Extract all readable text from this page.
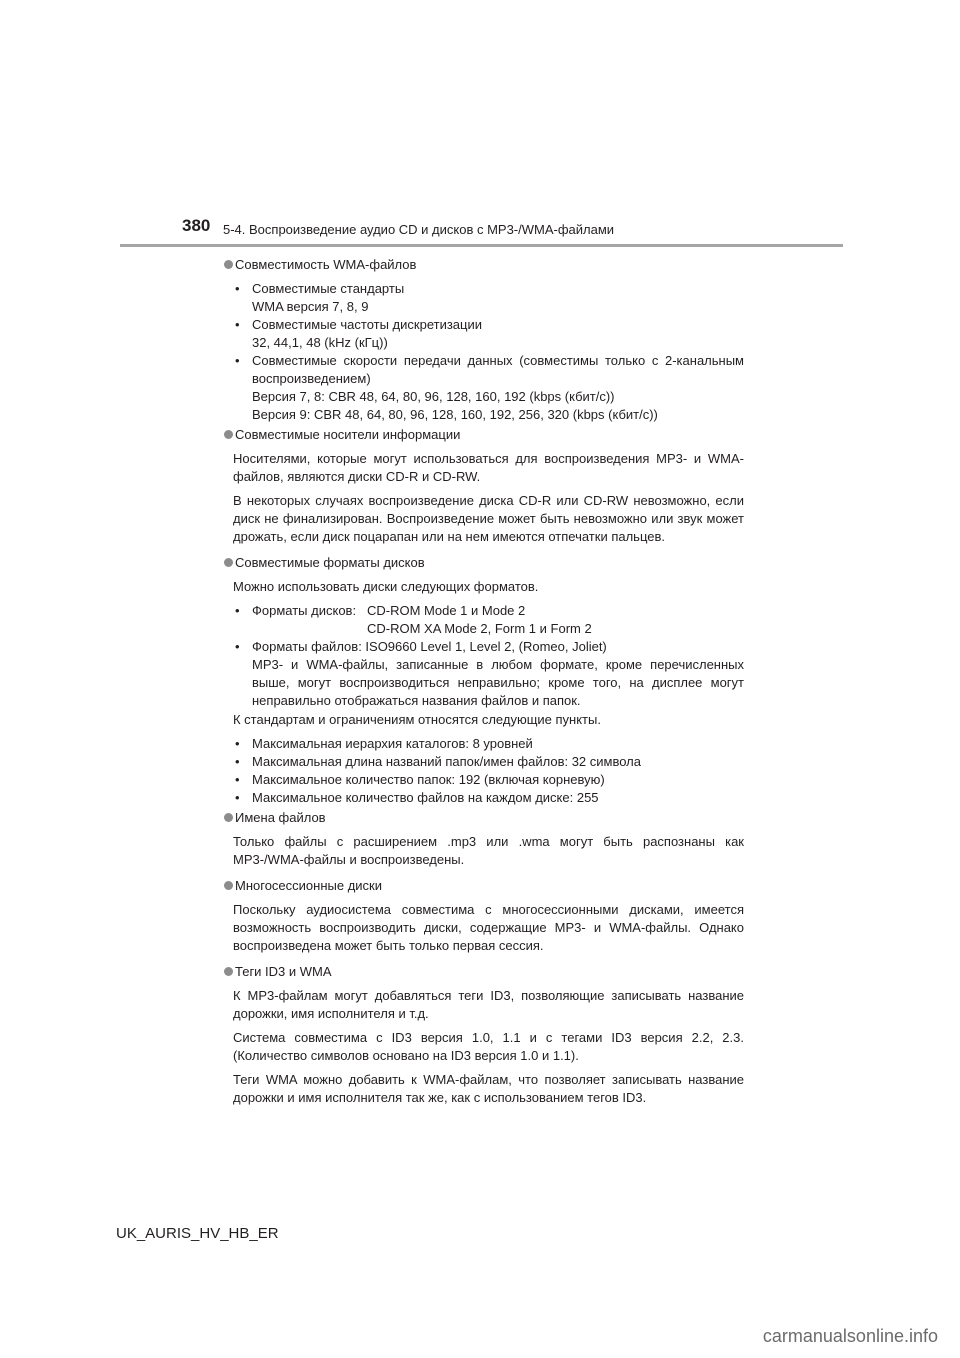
380 5-4. Воспроизведение аудио CD и дисков с MP3-/WMA-файлами
Совместимость WMA-файлов
• Совместимые стандарты
WMA версия 7, 8, 9
• Совместимые частоты дискретизации
32, 44,1, 48 (kHz (кГц))
• Совместимые скорости передачи данных (совместимы только с 2-канальным воспроизведением)
Версия 7, 8: CBR 48, 64, 80, 96, 128, 160, 192 (kbps (кбит/с))
Версия 9: CBR 48, 64, 80, 96, 128, 160, 192, 256, 320 (kbps (кбит/с))
Совместимые носители информации
Носителями, которые могут использоваться для воспроизведения MP3- и WMA-файлов, являются диски CD-R и CD-RW.
В некоторых случаях воспроизведение диска CD-R или CD-RW невозможно, если диск не финализирован. Воспроизведение может быть невозможно или звук может дрожать, если диск поцарапан или на нем имеются отпечатки пальцев.
Совместимые форматы дисков
Можно использовать диски следующих форматов.
• Форматы дисков: CD-ROM Mode 1 и Mode 2
CD-ROM XA Mode 2, Form 1 и Form 2
• Форматы файлов: ISO9660 Level 1, Level 2, (Romeo, Joliet)
MP3- и WMA-файлы, записанные в любом формате, кроме перечисленных выше, могут воспроизводиться неправильно; кроме того, на дисплее могут неправильно отображаться названия файлов и папок.
К стандартам и ограничениям относятся следующие пункты.
• Максимальная иерархия каталогов: 8 уровней
• Максимальная длина названий папок/имен файлов: 32 символа
• Максимальное количество папок: 192 (включая корневую)
• Максимальное количество файлов на каждом диске: 255
Имена файлов
Только файлы с расширением .mp3 или .wma могут быть распознаны как MP3-/WMA-файлы и воспроизведены.
Многосессионные диски
Поскольку аудиосистема совместима с многосессионными дисками, имеется возможность воспроизводить диски, содержащие MP3- и WMA-файлы. Однако воспроизведена может быть только первая сессия.
Теги ID3 и WMA
К MP3-файлам могут добавляться теги ID3, позволяющие записывать название дорожки, имя исполнителя и т.д.
Система совместима с ID3 версия 1.0, 1.1 и с тегами ID3 версия 2.2, 2.3. (Количество символов основано на ID3 версия 1.0 и 1.1).
Теги WMA можно добавить к WMA-файлам, что позволяет записывать название дорожки и имя исполнителя так же, как с использованием тегов ID3.
UK_AURIS_HV_HB_ER
carmanualsonline.info
